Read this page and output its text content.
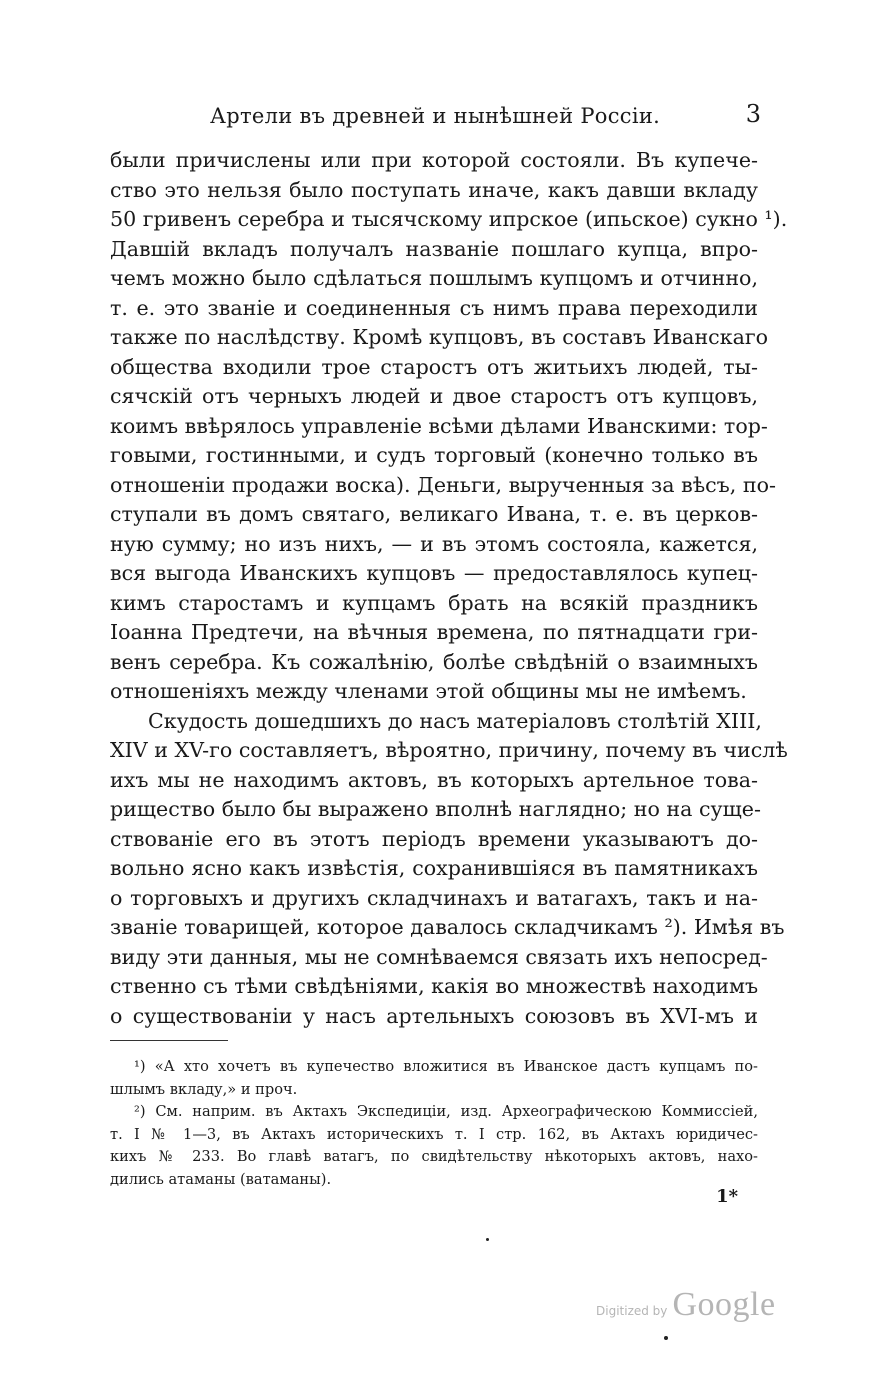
Артели въ древней и нынѣшней Россіи.	3
были причислены или при которой состояли. Въ купече-
ство это нельзя было поступать иначе, какъ давши вкладу
50 гривенъ серебра и тысячскому ипрское (ипьское) сукно ¹).
Давшій вкладъ получалъ названіе пошлаго купца, впро-
чемъ можно было сдѣлаться пошлымъ купцомъ и отчинно,
т. е. это званіе и соединенныя съ нимъ права переходили
также по наслѣдству. Кромѣ купцовъ, въ составъ Иванскаго
общества входили трое старостъ отъ житьихъ людей, ты-
сячскій отъ черныхъ людей и двое старостъ отъ купцовъ,
коимъ ввѣрялось управленіе всѣми дѣлами Иванскими: тор-
говыми, гостинными, и судъ торговый (конечно только въ
отношеніи продажи воска). Деньги, вырученныя за вѣсъ, по-
ступали въ домъ святаго, великаго Ивана, т. е. въ церков-
ную сумму; но изъ нихъ, — и въ этомъ состояла, кажется,
вся выгода Иванскихъ купцовъ — предоставлялось купец-
кимъ старостамъ и купцамъ брать на всякій праздникъ
Іоанна Предтечи, на вѣчныя времена, по пятнадцати гри-
венъ серебра. Къ сожалѣнію, болѣе свѣдѣній о взаимныхъ
отношеніяхъ между членами этой общины мы не имѣемъ.
Скудость дошедшихъ до насъ матеріаловъ столѣтій XIII,
XIV и XV-го составляетъ, вѣроятно, причину, почему въ числѣ
ихъ мы не находимъ актовъ, въ которыхъ артельное това-
рищество было бы выражено вполнѣ наглядно; но на суще-
ствованіе его въ этотъ періодъ времени указываютъ до-
вольно ясно какъ извѣстія, сохранившіяся въ памятникахъ
о торговыхъ и другихъ складчинахъ и ватагахъ, такъ и на-
званіе товарищей, которое давалось складчикамъ ²). Имѣя въ
виду эти данныя, мы не сомнѣваемся связать ихъ непосред-
ственно съ тѣми свѣдѣніями, какія во множествѣ находимъ
о существованіи у насъ артельныхъ союзовъ въ XVI-мъ и
¹) «А хто хочетъ въ купечество вложитися въ Иванское дастъ купцамъ по-
шлымъ вкладу,» и проч.
²) См. наприм. въ Актахъ Экспедиціи, изд. Археографическою Коммиссіей,
т. I № 1—3, въ Актахъ историческихъ т. I стр. 162, въ Актахъ юридичес-
кихъ № 233. Во главѣ ватагъ, по свидѣтельству нѣкоторыхъ актовъ, нахо-
дились атаманы (ватаманы).
1*
Digitized by Google
